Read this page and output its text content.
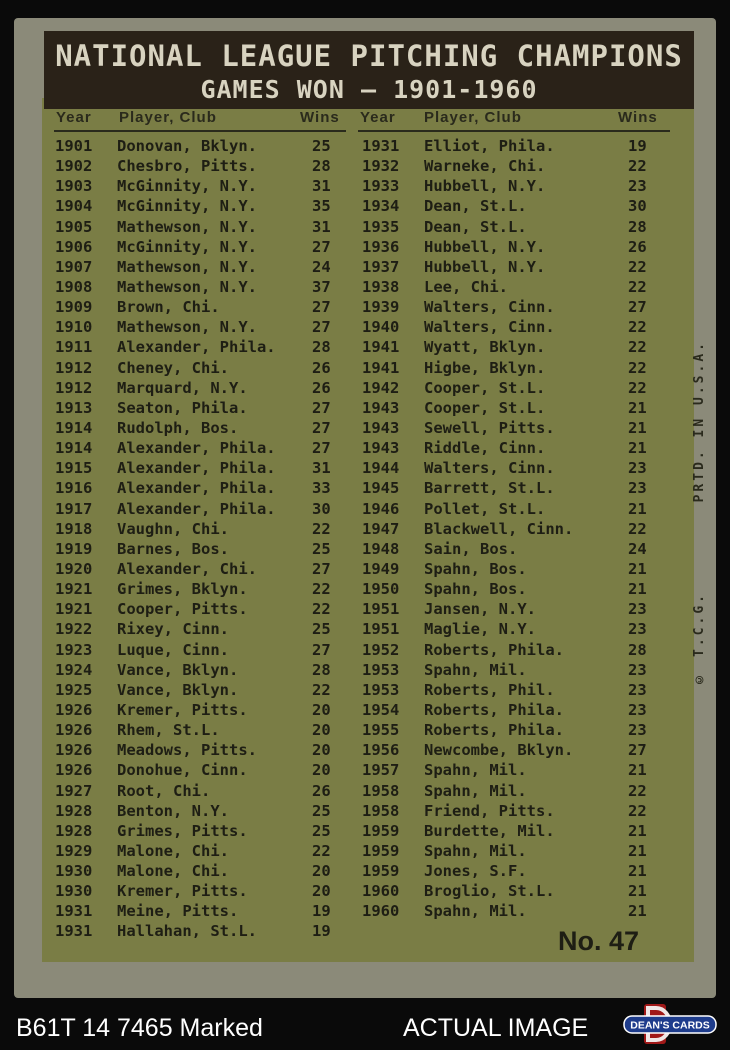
NATIONAL LEAGUE PITCHING CHAMPIONS
GAMES WON — 1901-1960
Year Player, Club	Wins Year Player, Club	Wins
1901 Donovan, Bklyn.	25
1902 Chesbro, Pitts.	28
1903 McGinnity, N.Y.	31
1904 McGinnity, N.Y.	35
1905 Mathewson, N.Y.	31
1906 McGinnity, N.Y.	27
1907 Mathewson, N.Y.	24
1908 Mathewson, N.Y.	37
1909 Brown, Chi.	27
1910 Mathewson, N.Y.	27
1911 Alexander, Phila. 28
1912 Cheney, Chi.	26
1912 Marquard, N.Y.	26
1913 Seaton, Phila.	27
1914 Rudolph, Bos.	27
1914 Alexander, Phila. 27
1915 Alexander, Phila. 31
1916 Alexander, Phila. 33
1917 Alexander, Phila. 30
1918 Vaughn, Chi.	22
1919 Barnes, Bos.	25
1920 Alexander, Chi.	27
1921 Grimes, Bklyn.	22
1921 Cooper, Pitts.	22
1922 Rixey, Cinn.	25
1923 Luque, Cinn.	27
1924 Vance, Bklyn.	28
1925 Vance, Bklyn.	22
1926 Kremer, Pitts.	20
1926 Rhem, St.L.	20
1926 Meadows, Pitts.	20
1926 Donohue, Cinn.	20
1927 Root, Chi.	26
1928 Benton, N.Y.	25
1928 Grimes, Pitts.	25
1929 Malone, Chi.	22
1930 Malone, Chi.	20
1930 Kremer, Pitts.	20
1931 Meine, Pitts.	19
1931 Hallahan, St.L.	19
1931 Elliot, Phila.	19
1932 Warneke, Chi.	22
1933 Hubbell, N.Y.	23
1934 Dean, St.L.	30
1935 Dean, St.L.	28
1936 Hubbell, N.Y.	26
1937 Hubbell, N.Y.	22
1938 Lee, Chi.	22
1939 Walters, Cinn.	27
1940 Walters, Cinn.	22
1941 Wyatt, Bklyn.	22
1941 Higbe, Bklyn.	22
1942 Cooper, St.L.	22
1943 Cooper, St.L.	21
1943 Sewell, Pitts.	21
1943 Riddle, Cinn.	21
1944 Walters, Cinn.	23
1945 Barrett, St.L.	23
1946 Pollet, St.L.	21
1947 Blackwell, Cinn.	22
1948 Sain, Bos.	24
1949 Spahn, Bos.	21
1950 Spahn, Bos.	21
1951 Jansen, N.Y.	23
1951 Maglie, N.Y.	23
1952 Roberts, Phila.	28
1953 Spahn, Mil.	23
1953 Roberts, Phil.	23
1954 Roberts, Phila.	23
1955 Roberts, Phila.	23
1956 Newcombe, Bklyn.	27
1957 Spahn, Mil.	21
1958 Spahn, Mil.	22
1958 Friend, Pitts.	22
1959 Burdette, Mil.	21
1959 Spahn, Mil.	21
1959 Jones, S.F.	21
1960 Broglio, St.L.	21
1960 Spahn, Mil.	21
PRTD. IN U.S.A.
© T.C.G.
No. 47
B61T 14 7465 Marked	ACTUAL IMAGE	DEAN'S CARDS
